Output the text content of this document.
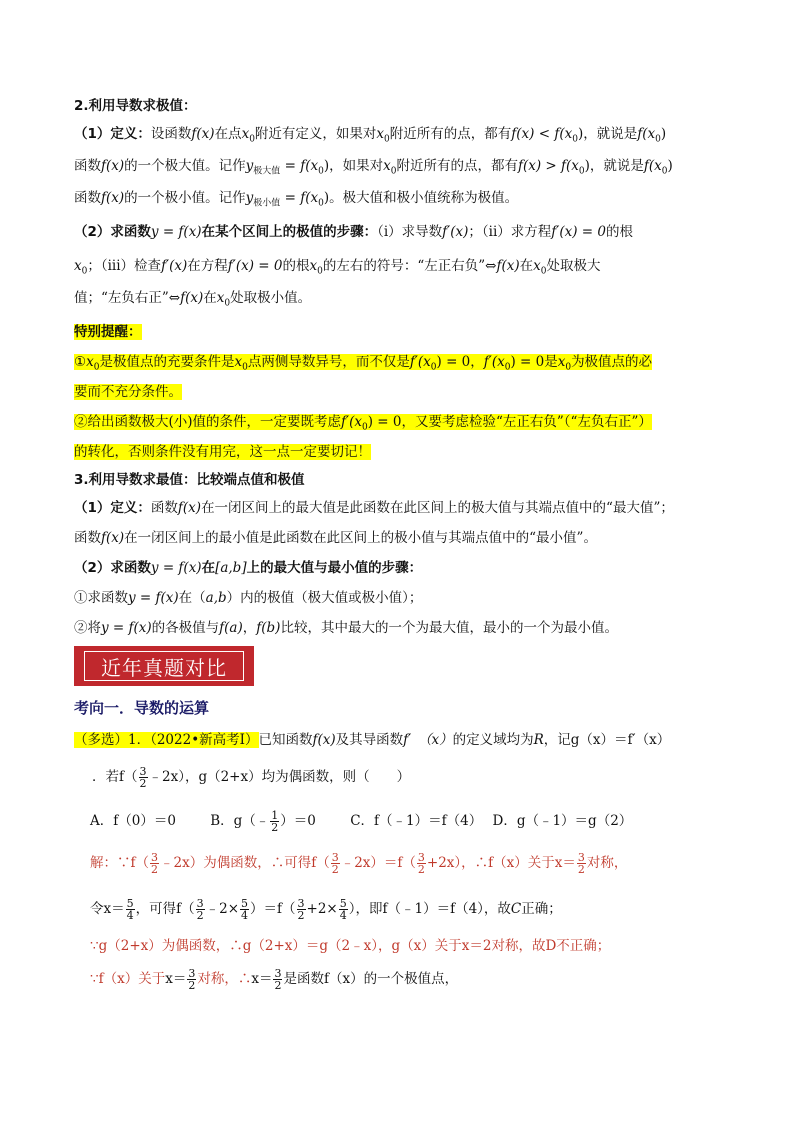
2.利用导数求极值：
（1）定义：设函数f(x)在点$x_0$附近有定义，如果对$x_0$附近所有的点，都有$f(x) < f(x_0)$，就说是$f(x_0)$
函数f(x)的一个极大值。记作$y_{极大值} = f(x_0)$，如果对$x_0$附近所有的点，都有$f(x) > f(x_0)$，就说是$f(x_0)$
函数f(x)的一个极小值。记作$y_{极小值} = f(x_0)$。极大值和极小值统称为极值。
（2）求函数y = f(x)在某个区间上的极值的步骤：（i）求导数f′(x)；（ii）求方程f′(x) = 0的根
$x_0$；（iii）检查f′(x)在方程f′(x) = 0的根$x_0$的左右的符号：“左正右负”⇔f(x)在$x_0$处取极大
值；“左负右正”⇔f(x)在$x_0$处取极小值。
特别提醒：
$①x_0$是极值点的充要条件是$x_0$点两侧导数异号，而不仅是$f'(x_0) = 0$，$f'(x_0) = 0$是$x_0$为极值点的必
要而不充分条件。
②给出函数极大(小)值的条件，一定要既考虑$f'(x_0) = 0$，又要考虑检验“左正右负”（“左负右正”）
的转化，否则条件没有用完，这一点一定要切记！
3.利用导数求最值：比较端点值和极值
（1）定义：函数f(x)在一闭区间上的最大值是此函数在此区间上的极大值与其端点值中的“最大值”；
函数f(x)在一闭区间上的最小值是此函数在此区间上的极小值与其端点值中的“最小值”。
（2）求函数y = f(x)在[a,b]上的最大值与最小值的步骤：
①求函数y = f(x)在（a,b）内的极值（极大值或极小值）；
②将y = f(x)的各极值与f(a)，f(b)比较，其中最大的一个为最大值，最小的一个为最小值。
近年真题对比
考向一．导数的运算
（多选）1．（2022•新高考Ⅰ）已知函数f(x)及其导函数f′　（x）的定义域均为R，记g（x）＝f′（x）
．若$f( \frac{3}{2}$ ﹣2x），g（2+x）均为偶函数，则（　　）
A．f（0）＝0	B．g（﹣ $\frac{1}{2} )=0$	C．f（﹣1）＝f（4） D．g（﹣1）＝g（2）
解：∵f（ $\frac{3}{2}$ ﹣2x）为偶函数，∴可得$f( \frac{3}{2}$ ﹣2x）＝f（ $\frac{3}{2} +2x$），∴f（x）关于$x= \frac{3}{2}$ 对称，
令$x= \frac{5}{4}$ ，可得$f( \frac{3}{2}$ ﹣2× $\frac{5}{4} )=f( \frac{3}{2} +2\times \frac{5}{4}$ ），即f（﹣1）＝f（4），故C正确；
∵g（2+x）为偶函数，∴g（2+x）＝g（2﹣x），g（x）关于x＝2对称，故D不正确；
∵f（x）关于$x= \frac{3}{2}$ 对称，∴x＝ $\frac{3}{2}$ 是函数f（x）的一个极值点，
